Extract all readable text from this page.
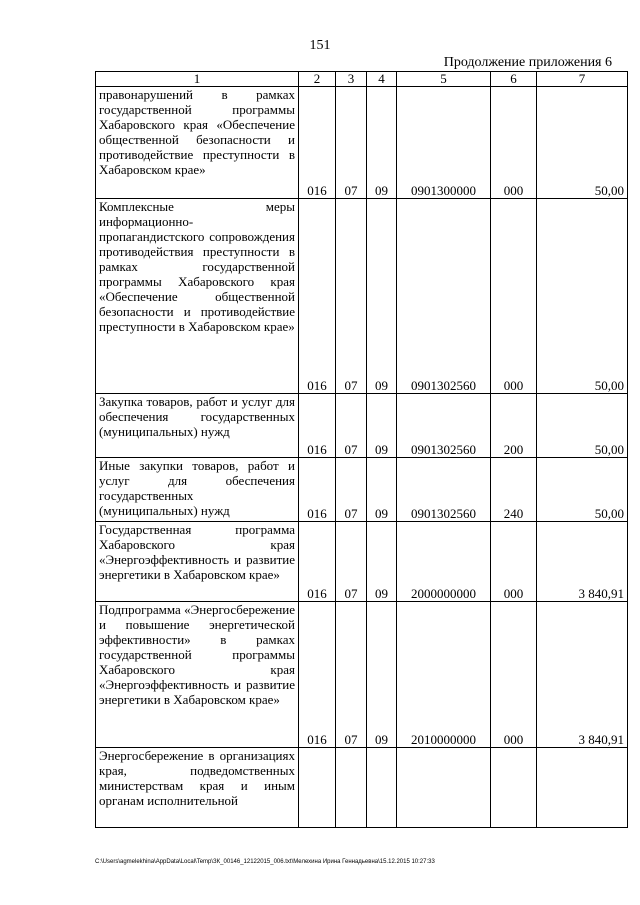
151
Продолжение приложения 6
1	2	3	4	5	6	7
правонарушений в рамках государственной программы Хабаровского края «Обеспечение общественной безопасности и противодействие преступности в Хабаровском крае»	016	07	09	0901300000	000	50,00
Комплексные меры информационно-пропагандистского сопровождения противодействия преступности в рамках государственной программы Хабаровского края «Обеспечение общественной безопасности и противодействие преступности в Хабаровском крае»	016	07	09	0901302560	000	50,00
Закупка товаров, работ и услуг для обеспечения государственных (муниципальных) нужд	016	07	09	0901302560	200	50,00
Иные закупки товаров, работ и услуг для обеспечения государственных (муниципальных) нужд	016	07	09	0901302560	240	50,00
Государственная программа Хабаровского края «Энергоэффективность и развитие энергетики в Хабаровском крае»	016	07	09	2000000000	000	3 840,91
Подпрограмма «Энергосбережение и повышение энергетической эффективности» в рамках государственной программы Хабаровского края «Энергоэффективность и развитие энергетики в Хабаровском крае»	016	07	09	2010000000	000	3 840,91
Энергосбережение в организациях края, подведомственных министерствам края и иным органам исполнительной						
C:\Users\agmelekhina\AppData\Local\Temp\ЗК_00146_12122015_006.txt\Мелехина Ирина Геннадьевна\15.12.2015 10:27:33
